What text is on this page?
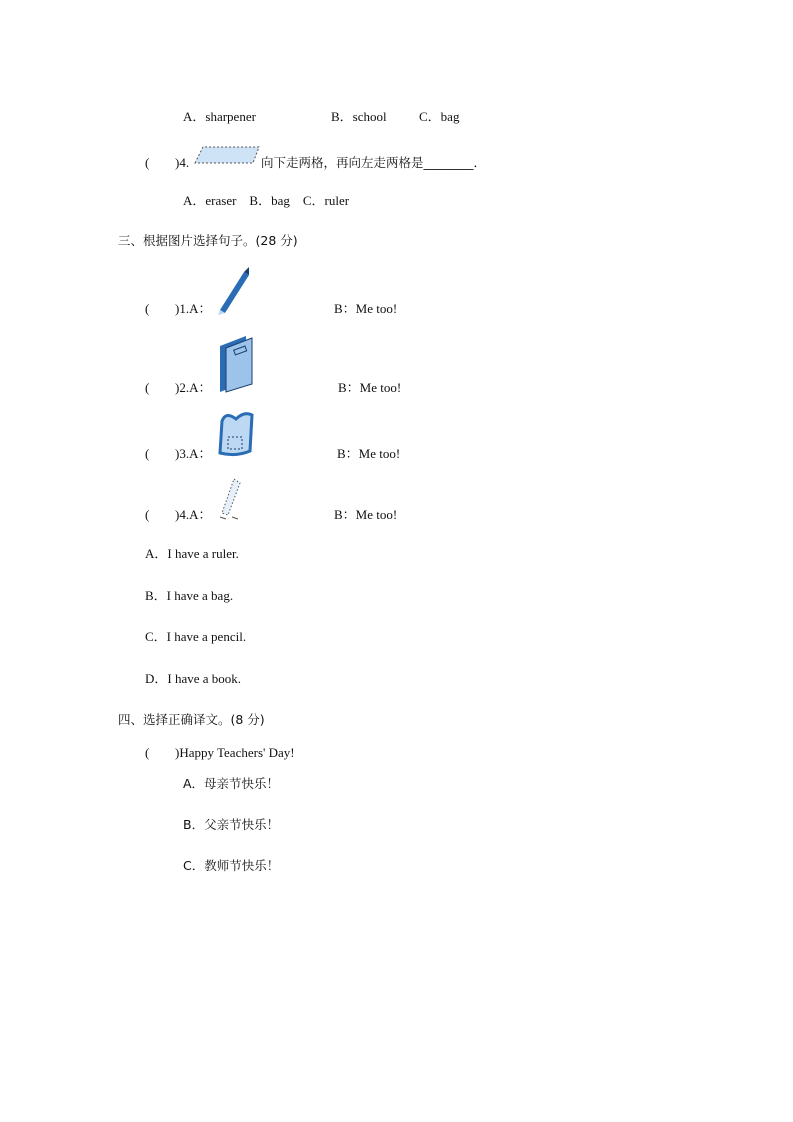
A．sharpener	B．school C．bag
( )4.	向下走两格，再向左走两格是________．
A．eraser　B．bag　C．ruler
三、根据图片选择句子。(28 分)
( )1.A：	B：Me too!
( )2.A：	B：Me too!
( )3.A：	B：Me too!
( )4.A：	B：Me too!
A．I have a ruler.
B．I have a bag.
C．I have a pencil.
D．I have a book.
四、选择正确译文。(8 分)
( )Happy Teachers' Day!
A．母亲节快乐！
B．父亲节快乐！
C．教师节快乐！
